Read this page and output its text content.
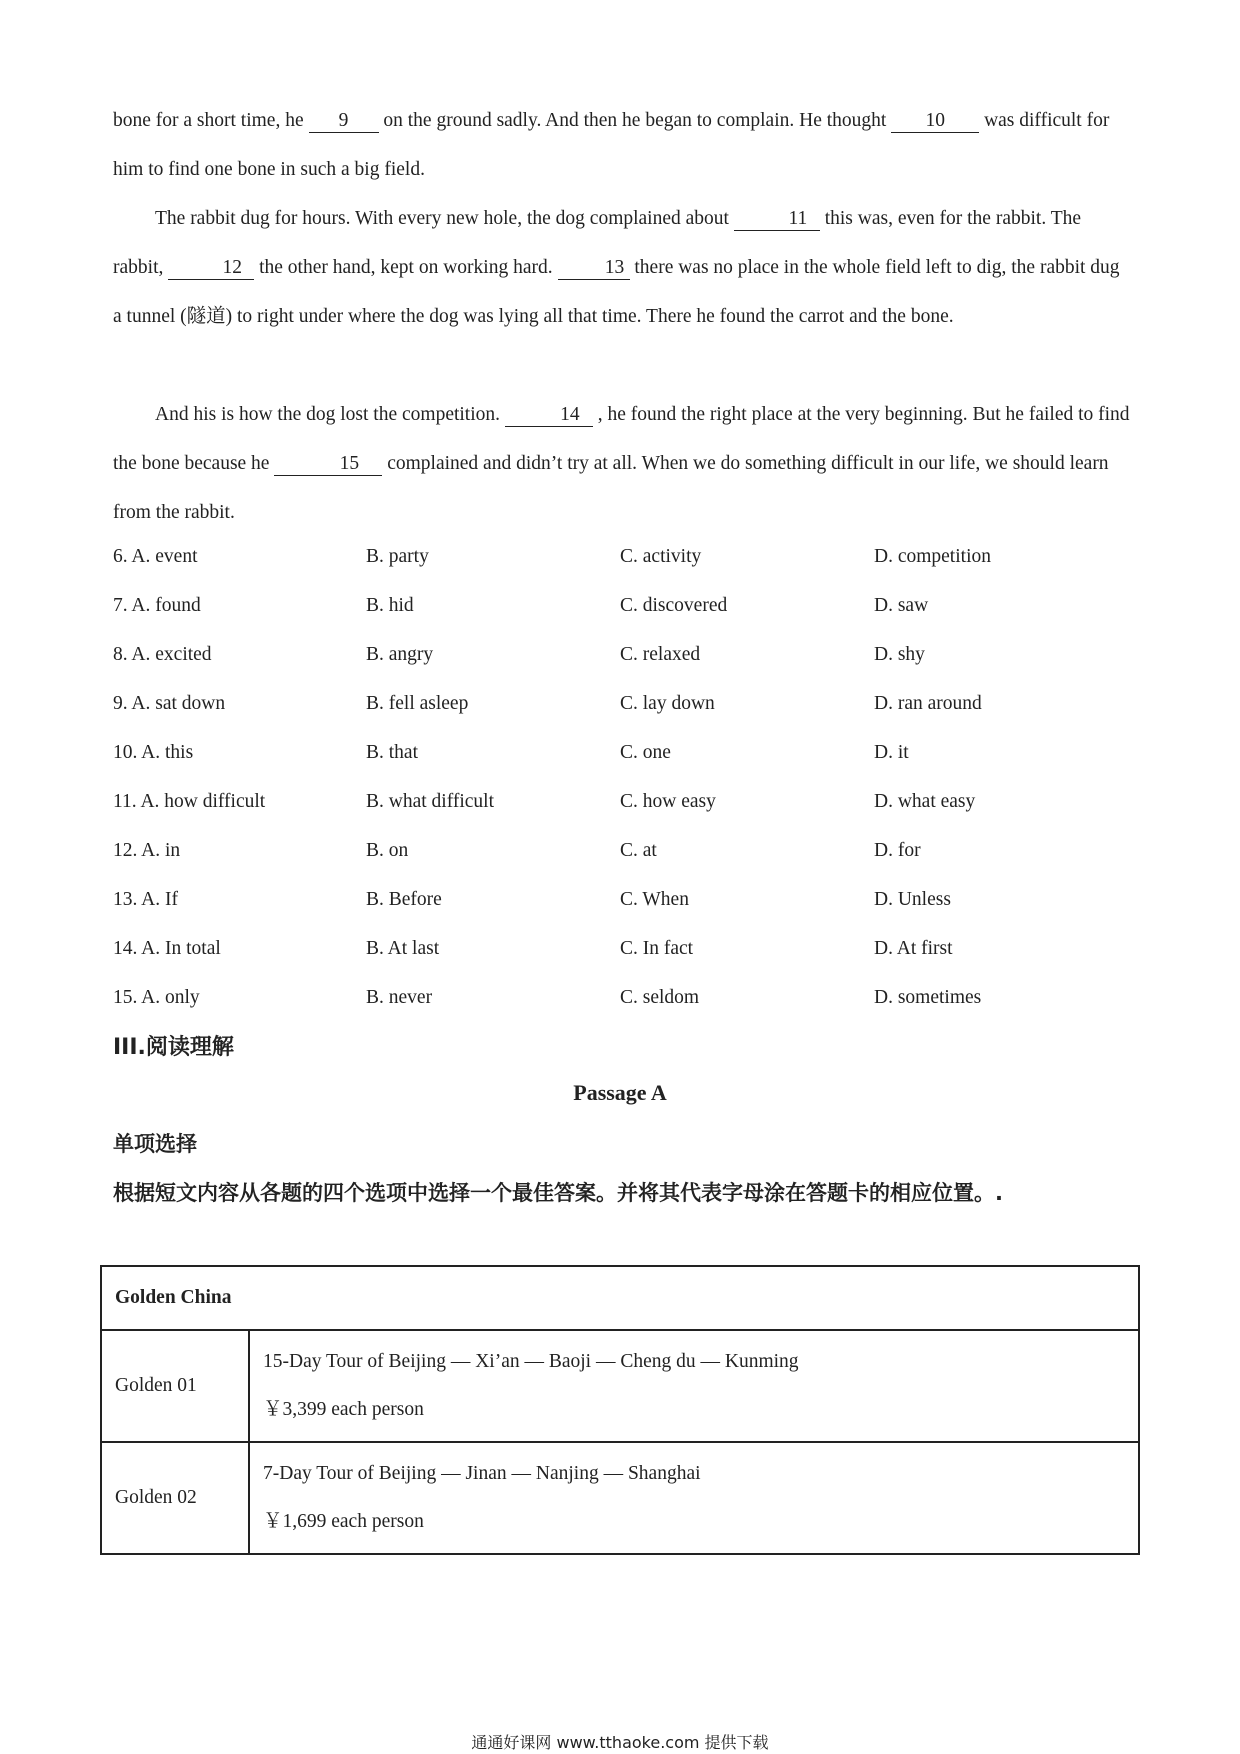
bone for a short time, he 9 on the ground sadly. And then he began to complain. He thought 10 was difficult for him to find one bone in such a big field.

The rabbit dug for hours. With every new hole, the dog complained about	11 this was, even for the rabbit. The rabbit,	12 the other hand, kept on working hard.	13 there was no place in the whole field left to dig, the rabbit dug a tunnel (隧道) to right under where the dog was lying all that time. There he found the carrot and the bone.

And his is how the dog lost the competition.	14 , he found the right place at the very beginning. But he failed to find the bone because he	15 complained and didn’t try at all. When we do something difficult in our life, we should learn from the rabbit.

6. A. event	B. party	C. activity	D. competition
7. A. found	B. hid	C. discovered	D. saw
8. A. excited	B. angry	C. relaxed	D. shy
9. A. sat down	B. fell asleep	C. lay down	D. ran around
10. A. this	B. that	C. one	D. it
11. A. how difficult	B. what difficult	C. how easy	D. what easy
12. A. in	B. on	C. at	D. for
13. A. If	B. Before	C. When	D. Unless
14. A. In total	B. At last	C. In fact	D. At first
15. A. only	B. never	C. seldom	D. sometimes
III.阅读理解
Passage A
单项选择
根据短文内容从各题的四个选项中选择一个最佳答案。并将其代表字母涂在答题卡的相应位置。.
Golden China	
Golden 01	15-Day Tour of Beijing — Xi’an — Baoji — Cheng du — Kunming
￥3,399 each person

Golden 02	7-Day Tour of Beijing — Jinan — Nanjing — Shanghai
￥1,699 each person
通通好课网 www.tthaoke.com 提供下载
